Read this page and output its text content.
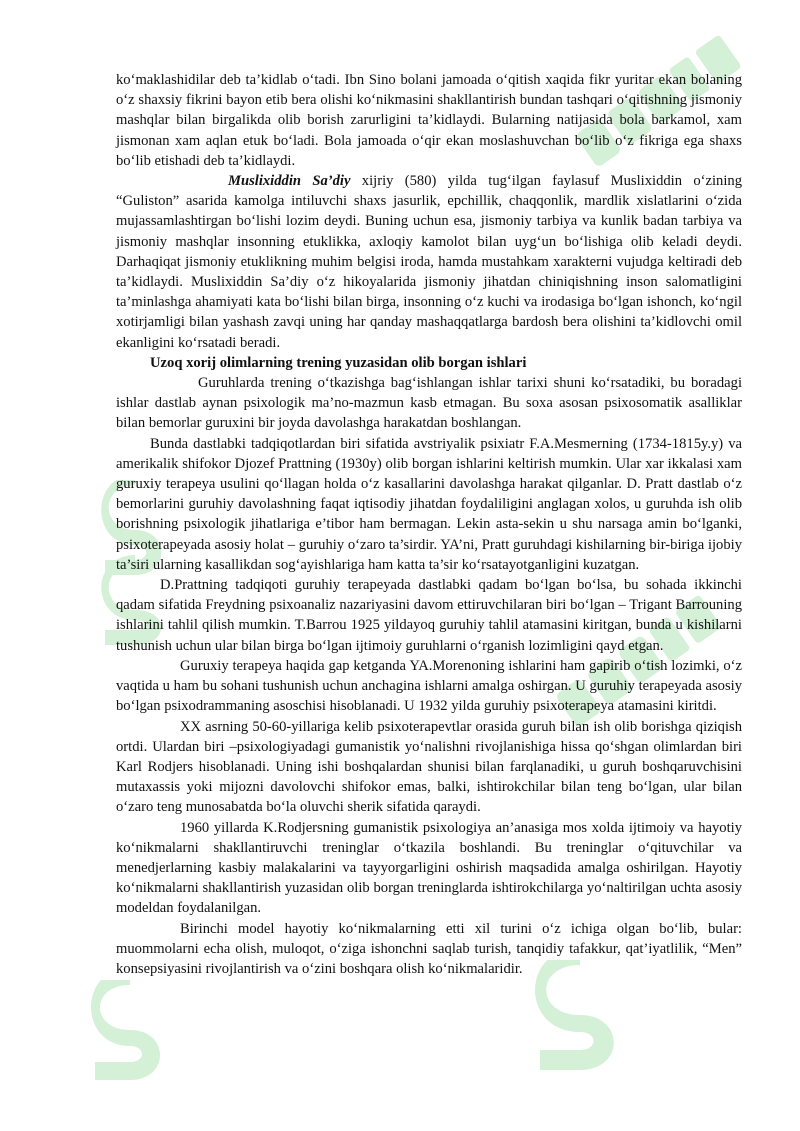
ko‘maklashidilar deb ta’kidlab o‘tadi. Ibn Sino bolani jamoada o‘qitish xaqida fikr yuritar ekan bolaning o‘z shaxsiy fikrini bayon etib bera olishi ko‘nikmasini shakllantirish bundan tashqari o‘qitishning jismoniy mashqlar bilan birgalikda olib borish zarurligini ta’kidlaydi. Bularning natijasida bola barkamol, xam jismonan xam aqlan etuk bo‘ladi. Bola jamoada o‘qir ekan moslashuvchan bo‘lib o‘z fikriga ega shaxs bo‘lib etishadi deb ta’kidlaydi.

Muslixiddin Sa’diy xijriy (580) yilda tug‘ilgan faylasuf Muslixiddin o‘zining “Guliston” asarida kamolga intiluvchi shaxs jasurlik, epchillik, chaqqonlik, mardlik xislatlarini o‘zida mujassamlashtirgan bo‘lishi lozim deydi. Buning uchun esa, jismoniy tarbiya va kunlik badan tarbiya va jismoniy mashqlar insonning etuklikka, axloqiy kamolot bilan uyg‘un bo‘lishiga olib keladi deydi. Darhaqiqat jismoniy etuklikning muhim belgisi iroda, hamda mustahkam xarakterni vujudga keltiradi deb ta’kidlaydi. Muslixiddin Sa’diy o‘z hikoyalarida jismoniy jihatdan chiniqishning inson salomatligini ta’minlashga ahamiyati kata bo‘lishi bilan birga, insonning o‘z kuchi va irodasiga bo‘lgan ishonch, ko‘ngil xotirjamligi bilan yashash zavqi uning har qanday mashaqqatlarga bardosh bera olishini ta’kidlovchi omil ekanligini ko‘rsatadi beradi.

Uzoq xorij olimlarning trening yuzasidan olib borgan ishlari

Guruhlarda trening o‘tkazishga bag‘ishlangan ishlar tarixi shuni ko‘rsatadiki, bu boradagi ishlar dastlab aynan psixologik ma’no-mazmun kasb etmagan. Bu soxa asosan psixosomatik asalliklar bilan bemorlar guruxini bir joyda davolashga harakatdan boshlangan.

Bunda dastlabki tadqiqotlardan biri sifatida avstriyalik psixiatr F.A.Mesmerning (1734-1815y.y) va amerikalik shifokor Djozef Prattning (1930y) olib borgan ishlarini keltirish mumkin. Ular xar ikkalasi xam guruxiy terapeya usulini qo‘llagan holda o‘z kasallarini davolashga harakat qilganlar. D. Pratt dastlab o‘z bemorlarini guruhiy davolashning faqat iqtisodiy jihatdan foydaliligini anglagan xolos, u guruhda ish olib borishning psixologik jihatlariga e’tibor ham bermagan. Lekin asta-sekin u shu narsaga amin bo‘lganki, psixoterapeyada asosiy holat – guruhiy o‘zaro ta’sirdir. YA’ni, Pratt guruhdagi kishilarning bir-biriga ijobiy ta’siri ularning kasallikdan sog‘ayishlariga ham katta ta’sir ko‘rsatayotganligini kuzatgan.

D.Prattning tadqiqoti guruhiy terapeyada dastlabki qadam bo‘lgan bo‘lsa, bu sohada ikkinchi qadam sifatida Freydning psixoanaliz nazariyasini davom ettiruvchilaran biri bo‘lgan – Trigant Barrouning ishlarini tahlil qilish mumkin. T.Barrou 1925 yildayoq guruhiy tahlil atamasini kiritgan, bunda u kishilarni tushunish uchun ular bilan birga bo‘lgan ijtimoiy guruhlarni o‘rganish lozimligini qayd etgan.

Guruxiy terapeya haqida gap ketganda YA.Morenoning ishlarini ham gapirib o‘tish lozimki, o‘z vaqtida u ham bu sohani tushunish uchun anchagina ishlarni amalga oshirgan. U guruhiy terapeyada asosiy bo‘lgan psixodrammaning asoschisi hisoblanadi. U 1932 yilda guruhiy psixoterapeya atamasini kiritdi.

XX asrning 50-60-yillariga kelib psixoterapevtlar orasida guruh bilan ish olib borishga qiziqish ortdi. Ulardan biri –psixologiyadagi gumanistik yo‘nalishni rivojlanishiga hissa qo‘shgan olimlardan biri Karl Rodjers hisoblanadi. Uning ishi boshqalardan shunisi bilan farqlanadiki, u guruh boshqaruvchisini mutaxassis yoki mijozni davolovchi shifokor emas, balki, ishtirokchilar bilan teng bo‘lgan, ular bilan o‘zaro teng munosabatda bo‘la oluvchi sherik sifatida qaraydi.

1960 yillarda K.Rodjersning gumanistik psixologiya an’anasiga mos xolda ijtimoiy va hayotiy ko‘nikmalarni shakllantiruvchi treninglar o‘tkazila boshlandi. Bu treninglar o‘qituvchilar va menedjerlarning kasbiy malakalarini va tayyorgarligini oshirish maqsadida amalga oshirilgan. Hayotiy ko‘nikmalarni shakllantirish yuzasidan olib borgan treninglarda ishtirokchilarga yo‘naltirilgan uchta asosiy modeldan foydalanilgan.

Birinchi model hayotiy ko‘nikmalarning etti xil turini o‘z ichiga olgan bo‘lib, bular: muommolarni echa olish, muloqot, o‘ziga ishonchni saqlab turish, tanqidiy tafakkur, qat’iyatlilik, “Men” konsepsiyasini rivojlantirish va o‘zini boshqara olish ko‘nikmalaridir.
